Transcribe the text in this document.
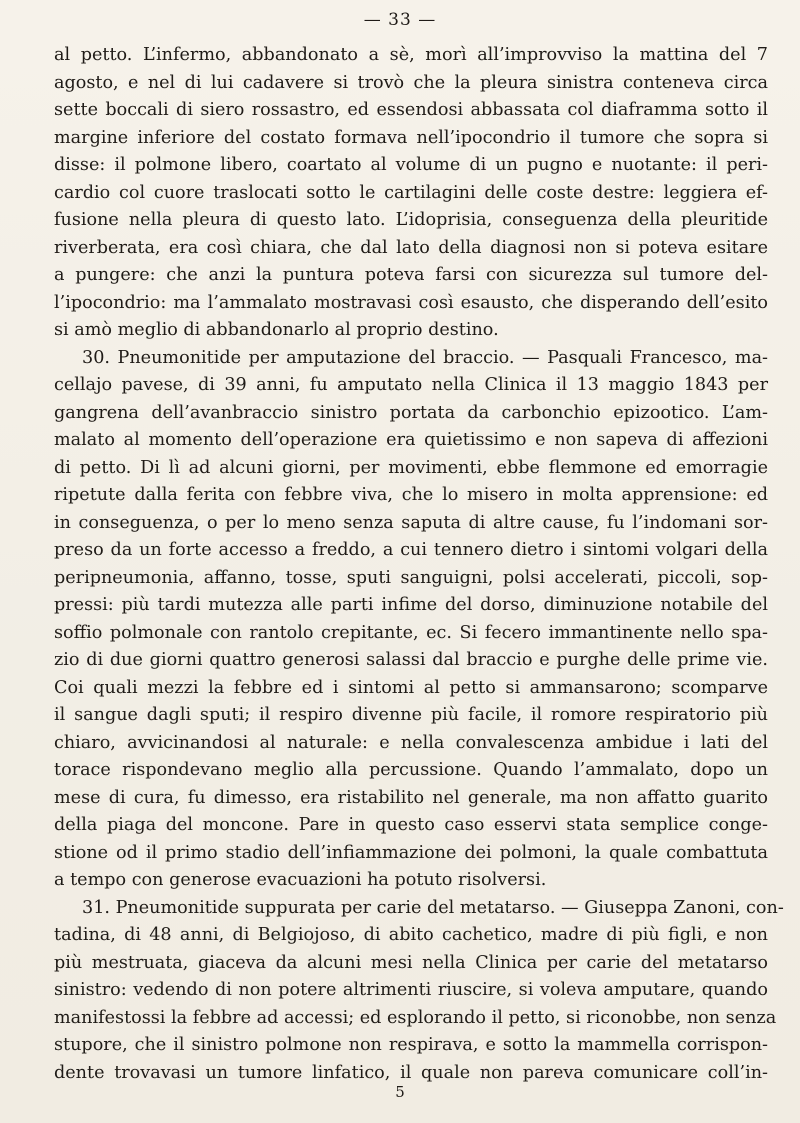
— 33 —
al petto. L’infermo, abbandonato a sè, morì all’improvviso la mattina del 7
agosto, e nel di lui cadavere si trovò che la pleura sinistra conteneva circa
sette boccali di siero rossastro, ed essendosi abbassata col diaframma sotto il
margine inferiore del costato formava nell’ipocondrio il tumore che sopra si
disse: il polmone libero, coartato al volume di un pugno e nuotante: il peri-
cardio col cuore traslocati sotto le cartilagini delle coste destre: leggiera ef-
fusione nella pleura di questo lato. L’idoprisia, conseguenza della pleuritide
riverberata, era così chiara, che dal lato della diagnosi non si poteva esitare
a pungere: che anzi la puntura poteva farsi con sicurezza sul tumore del-
l’ipocondrio: ma l’ammalato mostravasi così esausto, che disperando dell’esito
si amò meglio di abbandonarlo al proprio destino.
30. Pneumonitide per amputazione del braccio. — Pasquali Francesco, ma-
cellajo pavese, di 39 anni, fu amputato nella Clinica il 13 maggio 1843 per
gangrena dell’avanbraccio sinistro portata da carbonchio epizootico. L’am-
malato al momento dell’operazione era quietissimo e non sapeva di affezioni
di petto. Di lì ad alcuni giorni, per movimenti, ebbe flemmone ed emorragie
ripetute dalla ferita con febbre viva, che lo misero in molta apprensione: ed
in conseguenza, o per lo meno senza saputa di altre cause, fu l’indomani sor-
preso da un forte accesso a freddo, a cui tennero dietro i sintomi volgari della
peripneumonia, affanno, tosse, sputi sanguigni, polsi accelerati, piccoli, sop-
pressi: più tardi mutezza alle parti infime del dorso, diminuzione notabile del
soffio polmonale con rantolo crepitante, ec. Si fecero immantinente nello spa-
zio di due giorni quattro generosi salassi dal braccio e purghe delle prime vie.
Coi quali mezzi la febbre ed i sintomi al petto si ammansarono; scomparve
il sangue dagli sputi; il respiro divenne più facile, il romore respiratorio più
chiaro, avvicinandosi al naturale: e nella convalescenza ambidue i lati del
torace rispondevano meglio alla percussione. Quando l’ammalato, dopo un
mese di cura, fu dimesso, era ristabilito nel generale, ma non affatto guarito
della piaga del moncone. Pare in questo caso esservi stata semplice conge-
stione od il primo stadio dell’infiammazione dei polmoni, la quale combattuta
a tempo con generose evacuazioni ha potuto risolversi.
31. Pneumonitide suppurata per carie del metatarso. — Giuseppa Zanoni, con-
tadina, di 48 anni, di Belgiojoso, di abito cachetico, madre di più figli, e non
più mestruata, giaceva da alcuni mesi nella Clinica per carie del metatarso
sinistro: vedendo di non potere altrimenti riuscire, si voleva amputare, quando
manifestossi la febbre ad accessi; ed esplorando il petto, si riconobbe, non senza
stupore, che il sinistro polmone non respirava, e sotto la mammella corrispon-
dente trovavasi un tumore linfatico, il quale non pareva comunicare coll’in-
5
